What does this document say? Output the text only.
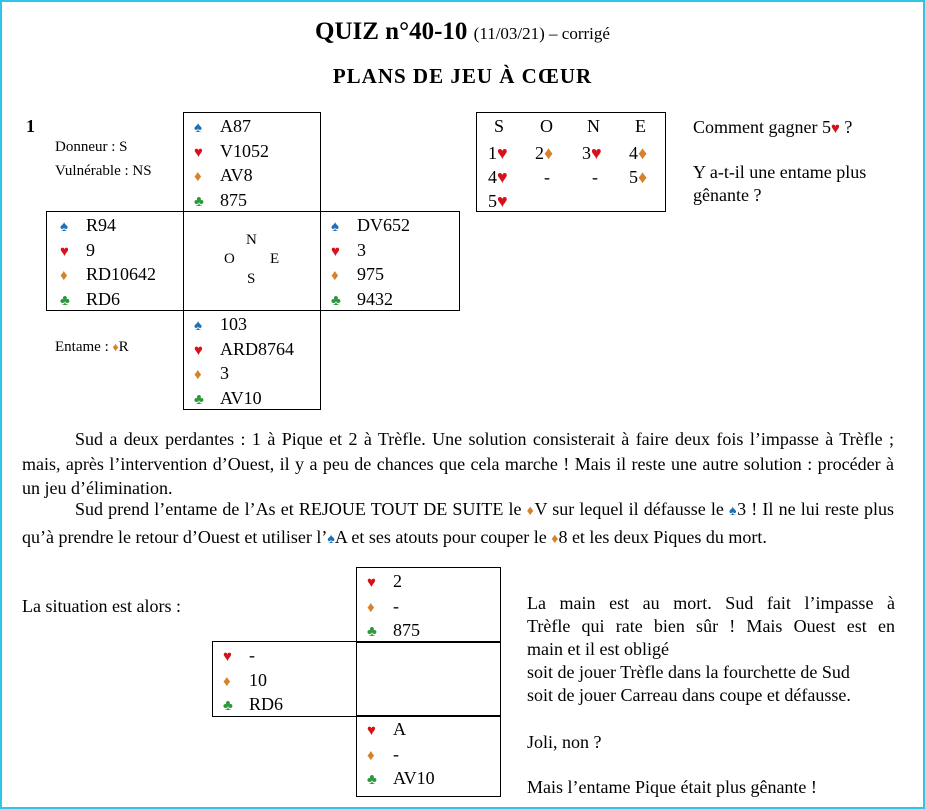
QUIZ n°40-10 (11/03/21) – corrigé
PLANS DE JEU À CŒUR
1
Donneur : S
Vulnérable : NS
Entame : ♦R
♠ A87
♥ V1052
♦ AV8
♣ 875
♠ R94
♥ 9
♦ RD10642
♣ RD6
N
O E
S
♠ DV652
♥ 3
♦ 975
♣ 9432
♠ 103
♥ ARD8764
♦ 3
♣ AV10
S O N E
1♥ 2♦ 3♥ 4♦
4♥ - - 5♦
5♥
Comment gagner 5♥ ?
Y a-t-il une entame plus
gênante ?
Sud a deux perdantes : 1 à Pique et 2 à Trèfle. Une solution consisterait à faire deux fois l’impasse à Trèfle ; mais, après l’intervention d’Ouest, il y a peu de chances que cela marche ! Mais il reste une autre solution : procéder à un jeu d’élimination.
Sud prend l’entame de l’As et REJOUE TOUT DE SUITE le ♦V sur lequel il défausse le ♠3 ! Il ne lui reste plus qu’à prendre le retour d’Ouest et utiliser l’♠A et ses atouts pour couper le ♦8 et les deux Piques du mort.
La situation est alors :
♥ 2
♦ -
♣ 875
♥ -
♦ 10
♣ RD6
♥ A
♦ -
♣ AV10
La main est au mort. Sud fait l’impasse à
Trèfle qui rate bien sûr ! Mais Ouest est en
main et il est obligé
soit de jouer Trèfle dans la fourchette de Sud
soit de jouer Carreau dans coupe et défausse.
Joli, non ?
Mais l’entame Pique était plus gênante !
